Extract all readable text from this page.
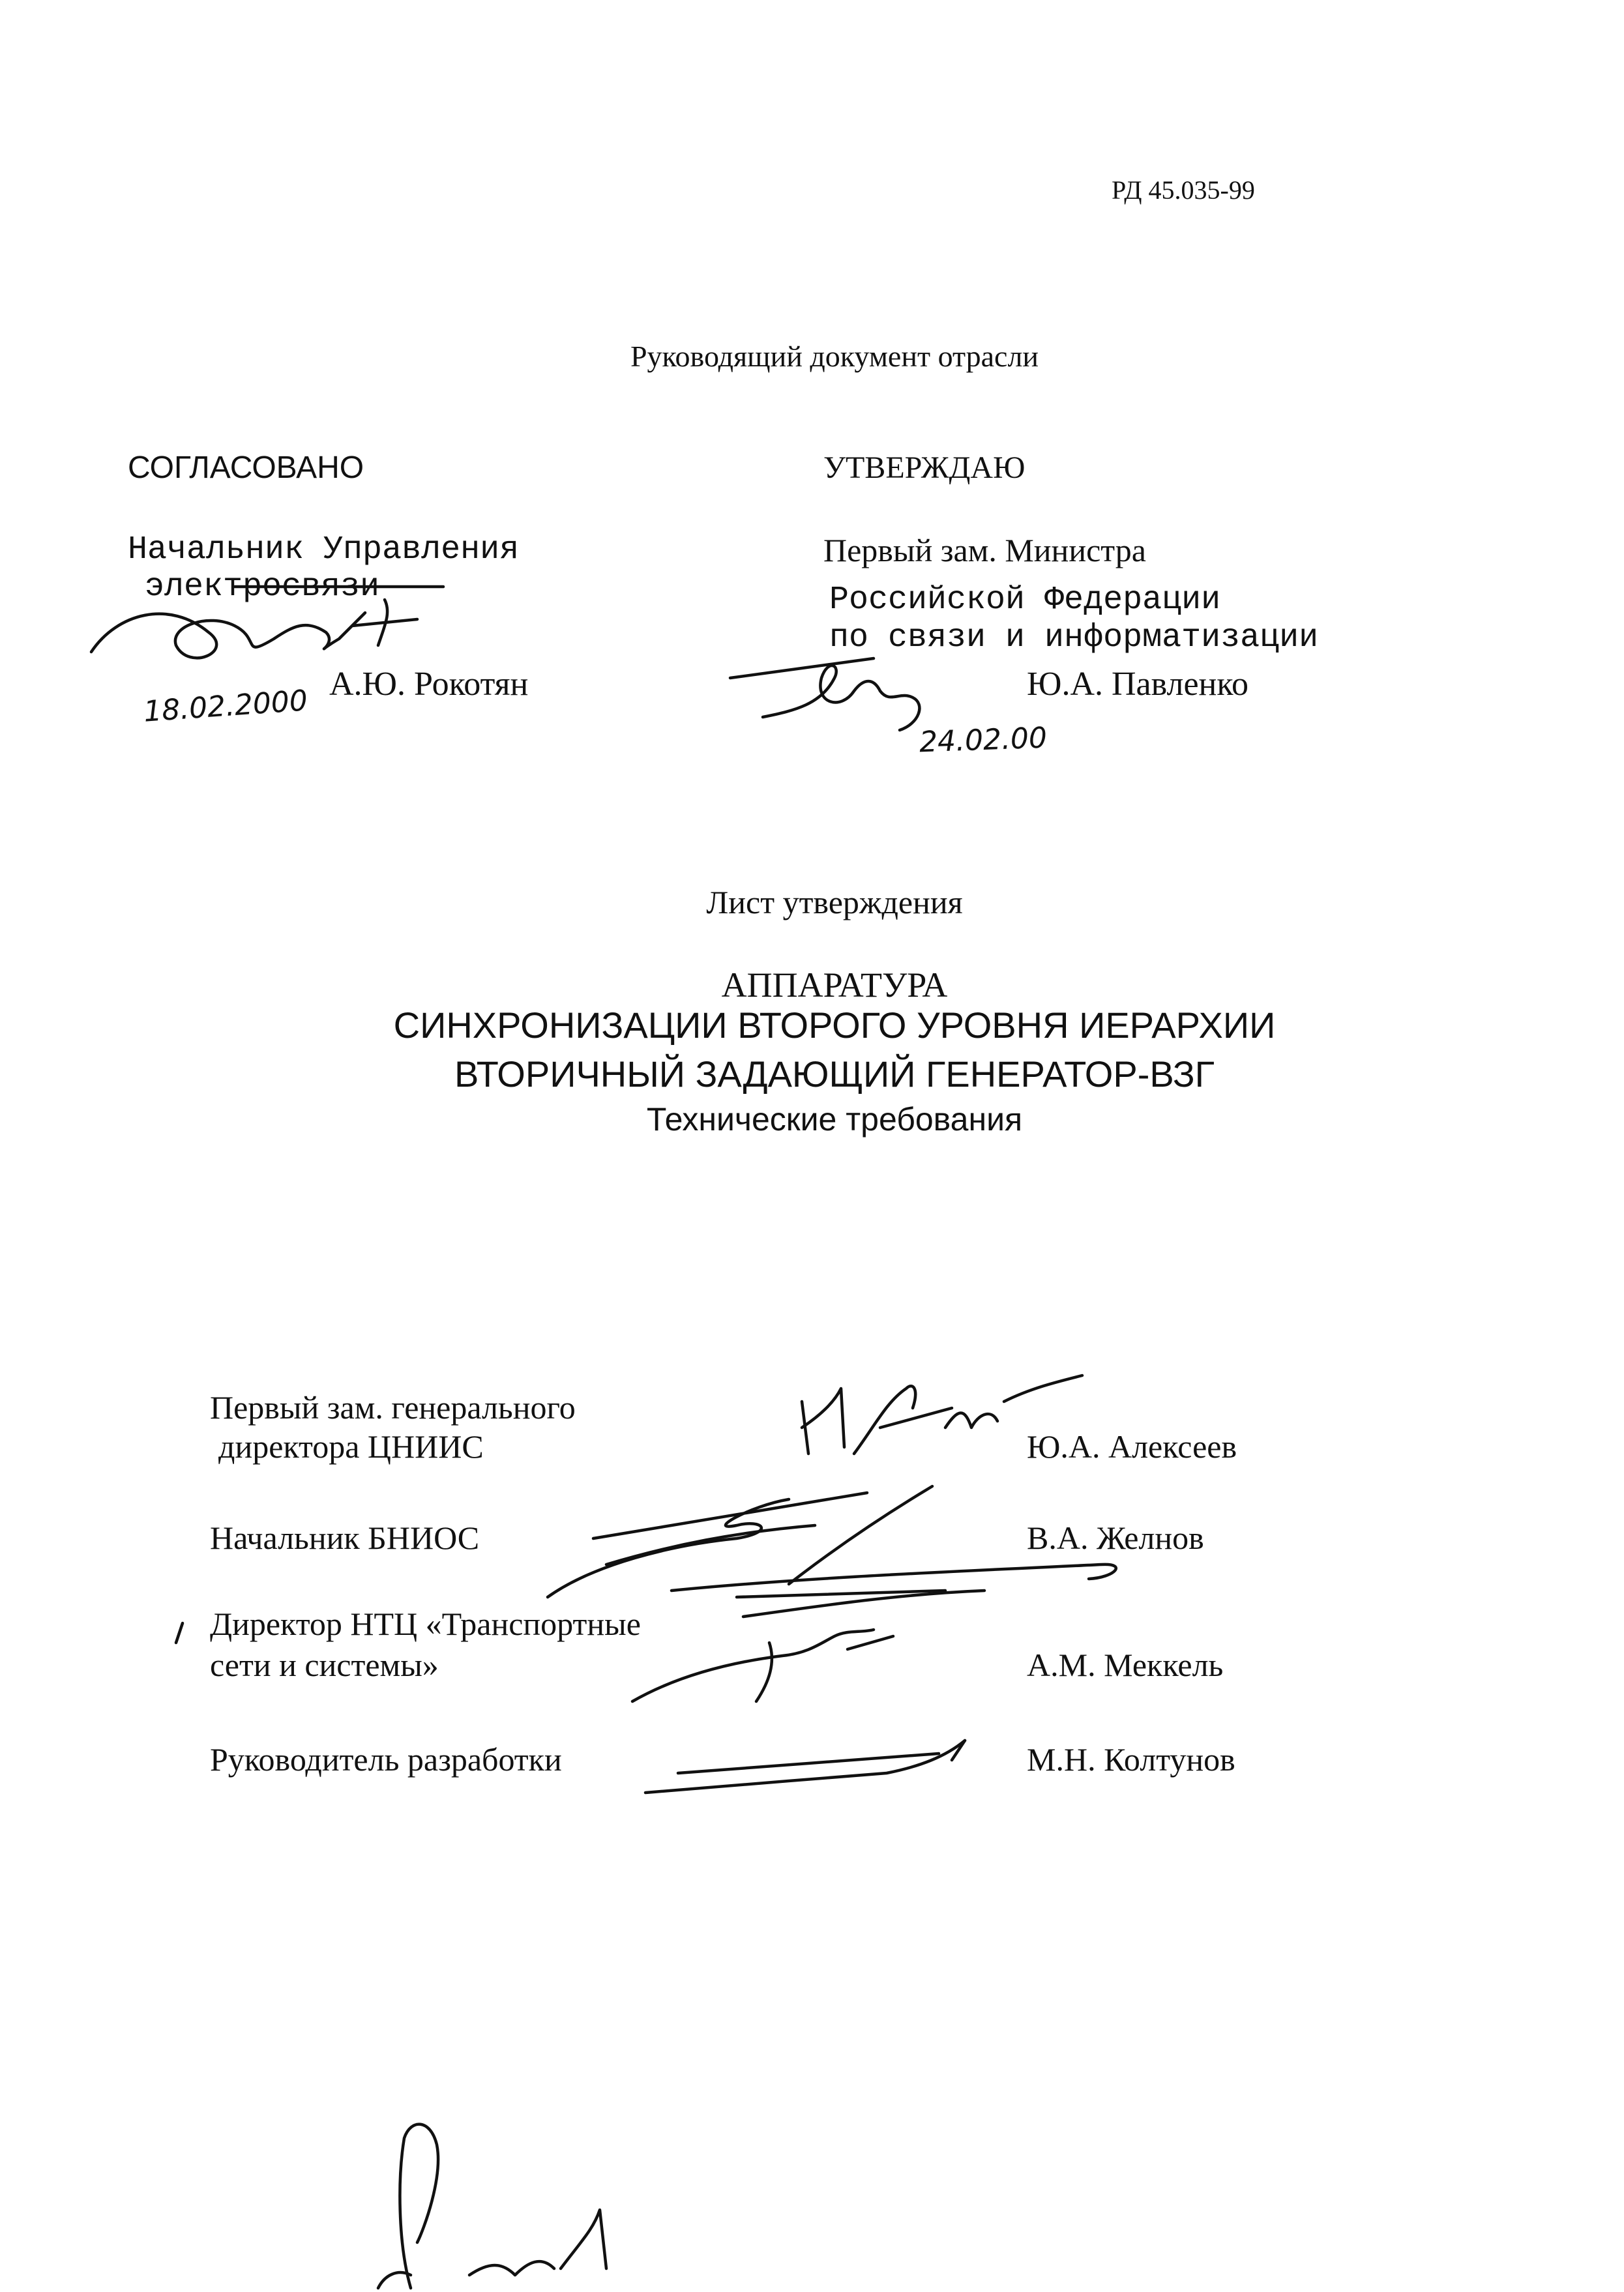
РД 45.035-99
Руководящий документ отрасли
СОГЛАСОВАНО
Начальник Управления
электросвязи
А.Ю. Рокотян
18.02.2000
УТВЕРЖДАЮ
Первый зам. Министра
Российской Федерации
по связи и информатизации
Ю.А. Павленко
24.02.00
Лист утверждения
АППАРАТУРА
СИНХРОНИЗАЦИИ ВТОРОГО УРОВНЯ ИЕРАРХИИ
ВТОРИЧНЫЙ ЗАДАЮЩИЙ ГЕНЕРАТОР-ВЗГ
Технические требования
Первый зам. генерального
директора ЦНИИС	Ю.А. Алексеев
Начальник БНИОС	В.А. Желнов
Директор НТЦ «Транспортные
сети и системы»	А.М. Меккель
Руководитель разработки	М.Н. Колтунов
